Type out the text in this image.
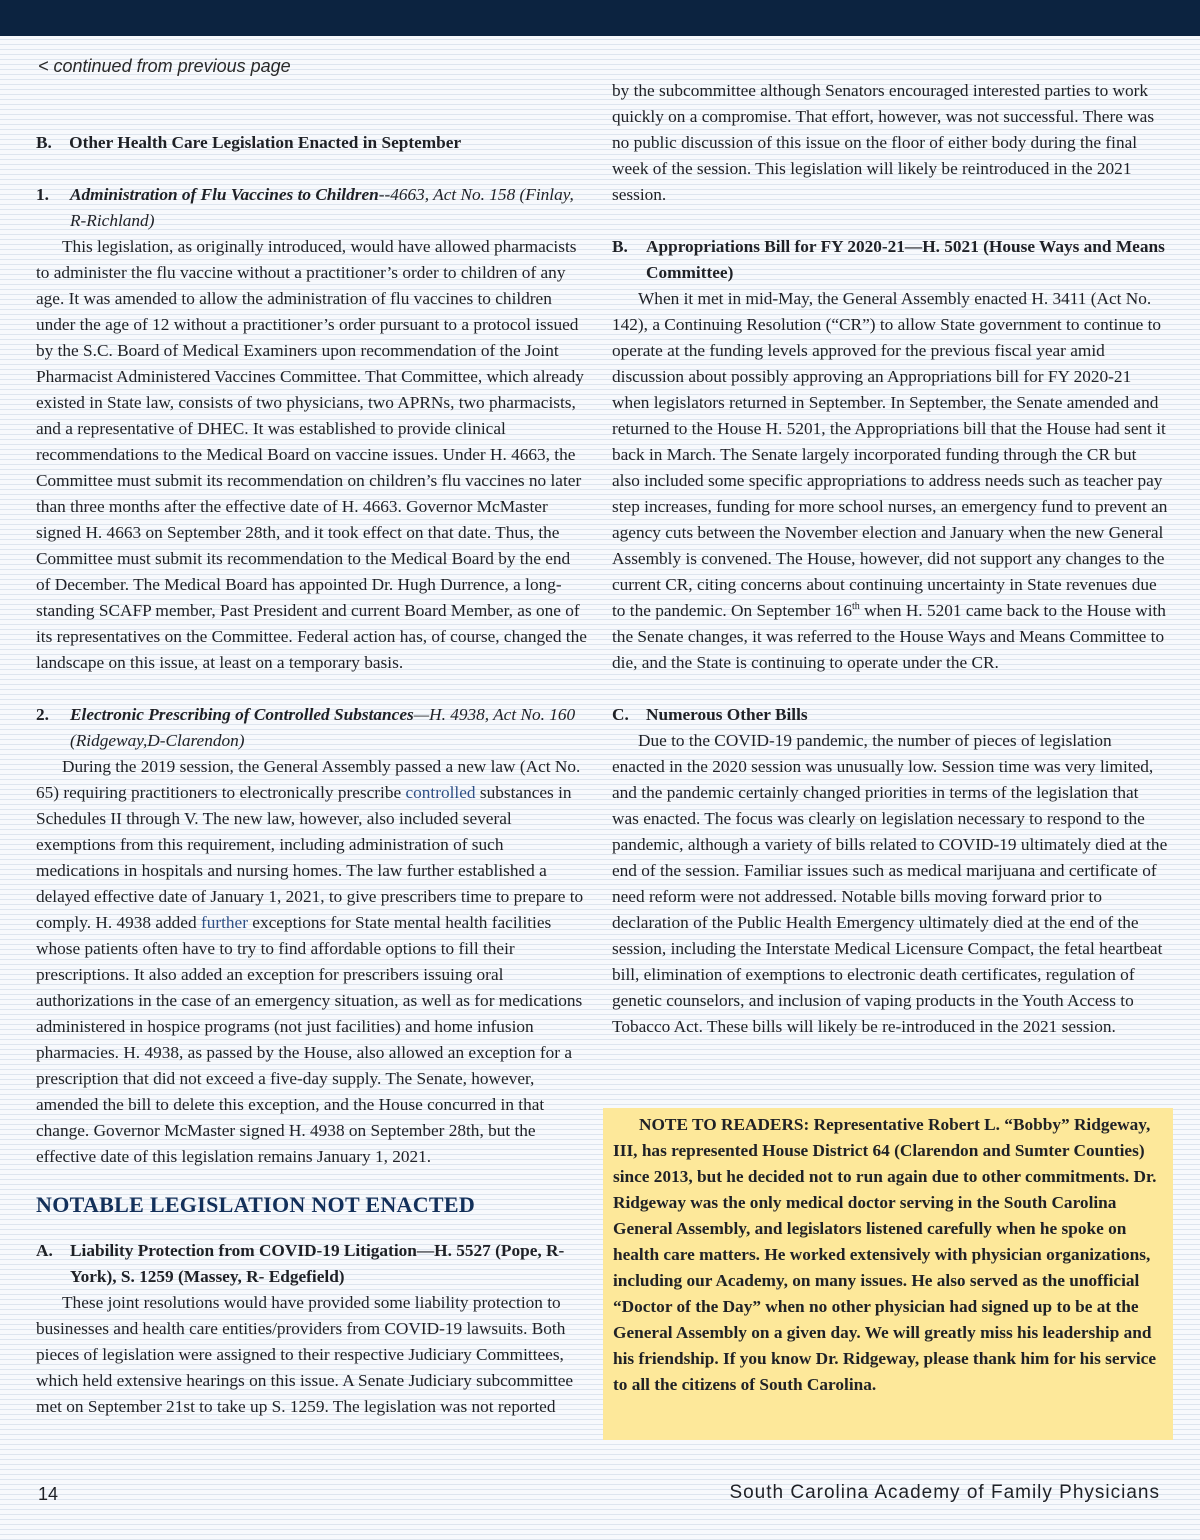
< continued from previous page

B.    Other Health Care Legislation Enacted in September

1.	Administration of Flu Vaccines to Children--4663, Act No. 158 (Finlay, R-Richland)

This legislation, as originally introduced, would have allowed pharmacists to administer the flu vaccine without a practitioner’s order to children of any age. It was amended to allow the administration of flu vaccines to children under the age of 12 without a practitioner’s order pursuant to a protocol issued by the S.C. Board of Medical Examiners upon recommendation of the Joint Pharmacist Administered Vaccines Committee. That Committee, which already existed in State law, consists of two physicians, two APRNs, two pharmacists, and a representative of DHEC. It was established to provide clinical recommendations to the Medical Board on vaccine issues. Under H. 4663, the Committee must submit its recommendation on children’s flu vaccines no later than three months after the effective date of H. 4663. Governor McMaster signed H. 4663 on September 28th, and it took effect on that date. Thus, the Committee must submit its recommendation to the Medical Board by the end of December. The Medical Board has appointed Dr. Hugh Durrence, a long-standing SCAFP member, Past President and current Board Member, as one of its representatives on the Committee. Federal action has, of course, changed the landscape on this issue, at least on a temporary basis.

2.	Electronic Prescribing of Controlled Substances—H. 4938, Act No. 160 (Ridgeway,D-Clarendon)

During the 2019 session, the General Assembly passed a new law (Act No. 65) requiring practitioners to electronically prescribe controlled substances in Schedules II through V. The new law, however, also included several exemptions from this requirement, including administration of such medications in hospitals and nursing homes. The law further established a delayed effective date of January 1, 2021, to give prescribers time to prepare to comply. H. 4938 added further exceptions for State mental health facilities whose patients often have to try to find affordable options to fill their prescriptions. It also added an exception for prescribers issuing oral authorizations in the case of an emergency situation, as well as for medications administered in hospice programs (not just facilities) and home infusion pharmacies. H. 4938, as passed by the House, also allowed an exception for a prescription that did not exceed a five-day supply. The Senate, however, amended the bill to delete this exception, and the House concurred in that change. Governor McMaster signed H. 4938 on September 28th, but the effective date of this legislation remains January 1, 2021.

NOTABLE LEGISLATION NOT ENACTED
A. Liability Protection from COVID-19 Litigation—H. 5527 (Pope, R-York), S. 1259 (Massey, R- Edgefield)

These joint resolutions would have provided some liability protection to businesses and health care entities/providers from COVID-19 lawsuits. Both pieces of legislation were assigned to their respective Judiciary Committees, which held extensive hearings on this issue. A Senate Judiciary subcommittee met on September 21st to take up S. 1259. The legislation was not reported

by the subcommittee although Senators encouraged interested parties to work quickly on a compromise. That effort, however, was not successful. There was no public discussion of this issue on the floor of either body during the final week of the session. This legislation will likely be reintroduced in the 2021 session.

B.	Appropriations Bill for FY 2020-21—H. 5021 (House Ways and Means Committee)

When it met in mid-May, the General Assembly enacted H. 3411 (Act No. 142), a Continuing Resolution (“CR”) to allow State government to continue to operate at the funding levels approved for the previous fiscal year amid discussion about possibly approving an Appropriations bill for FY 2020-21 when legislators returned in September. In September, the Senate amended and returned to the House H. 5201, the Appropriations bill that the House had sent it back in March. The Senate largely incorporated funding through the CR but also included some specific appropriations to address needs such as teacher pay step increases, funding for more school nurses, an emergency fund to prevent an agency cuts between the November election and January when the new General Assembly is convened. The House, however, did not support any changes to the current CR, citing concerns about continuing uncertainty in State revenues due to the pandemic. On September 16th when H. 5201 came back to the House with the Senate changes, it was referred to the House Ways and Means Committee to die, and the State is continuing to operate under the CR.

C. Numerous Other Bills

Due to the COVID-19 pandemic, the number of pieces of legislation enacted in the 2020 session was unusually low. Session time was very limited, and the pandemic certainly changed priorities in terms of the legislation that was enacted. The focus was clearly on legislation necessary to respond to the pandemic, although a variety of bills related to COVID-19 ultimately died at the end of the session. Familiar issues such as medical marijuana and certificate of need reform were not addressed. Notable bills moving forward prior to declaration of the Public Health Emergency ultimately died at the end of the session, including the Interstate Medical Licensure Compact, the fetal heartbeat bill, elimination of exemptions to electronic death certificates, regulation of genetic counselors, and inclusion of vaping products in the Youth Access to Tobacco Act. These bills will likely be re-introduced in the 2021 session.

NOTE TO READERS: Representative Robert L. “Bobby” Ridgeway, III, has represented House District 64 (Clarendon and Sumter Counties) since 2013, but he decided not to run again due to other commitments. Dr. Ridgeway was the only medical doctor serving in the South Carolina General Assembly, and legislators listened carefully when he spoke on health care matters. He worked extensively with physician organizations, including our Academy, on many issues. He also served as the unofficial “Doctor of the Day” when no other physician had signed up to be at the General Assembly on a given day. We will greatly miss his leadership and his friendship. If you know Dr. Ridgeway, please thank him for his service to all the citizens of South Carolina.

14	South Carolina Academy of Family Physicians
